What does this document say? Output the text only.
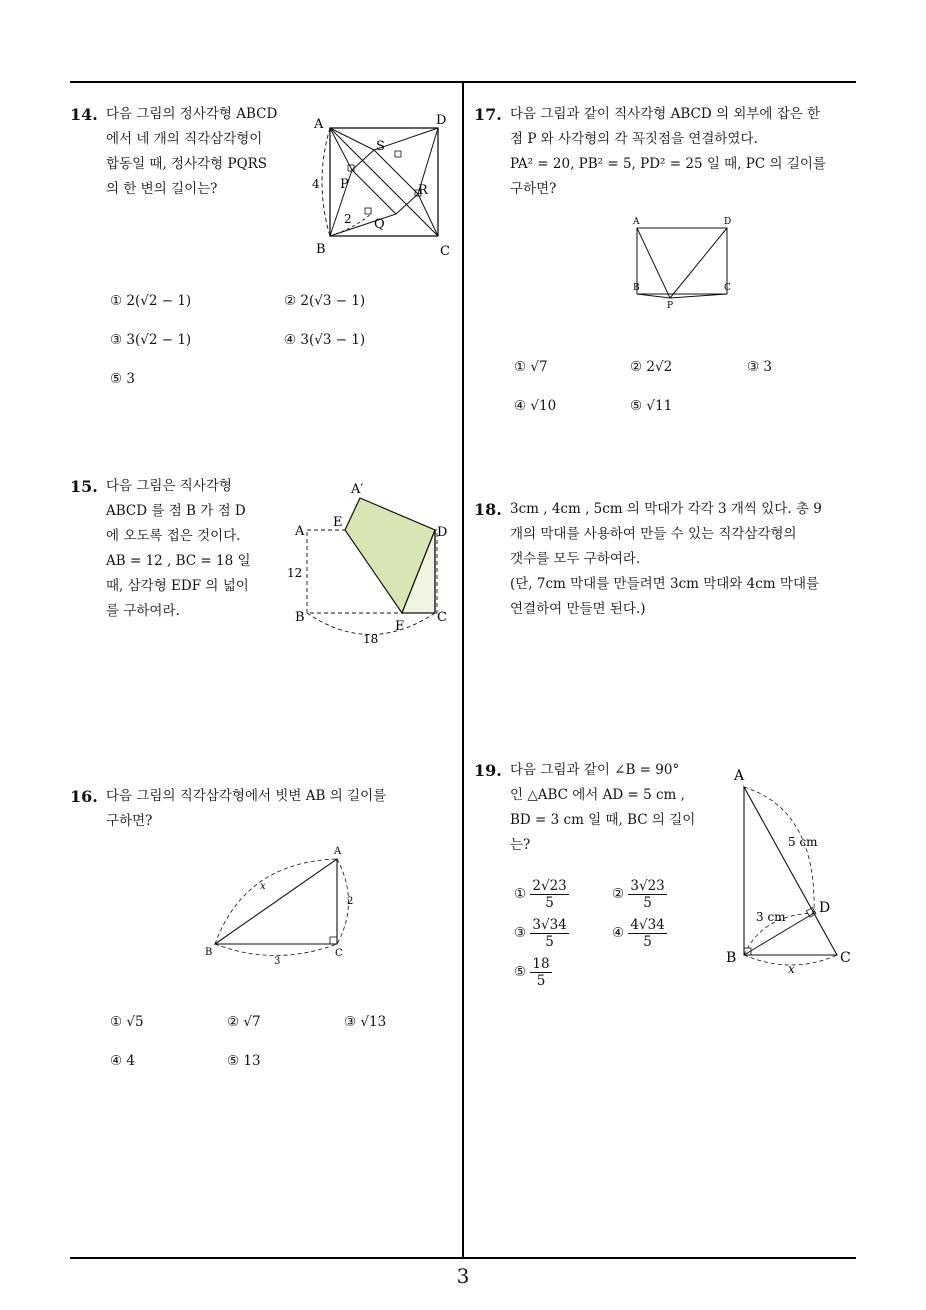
14. 다음 그림의 정사각형 ABCD
에서 네 개의 직각삼각형이
합동일 때, 정사각형 PQRS
의 한 변의 길이는?
A	D
B	C
P
S
R
Q
4
2
① 2(√2 − 1)	② 2(√3 − 1)
③ 3(√2 − 1)	④ 3(√3 − 1)
⑤ 3
15. 다음 그림은 직사각형
ABCD 를 점 B 가 점 D
에 오도록 접은 것이다.
AB = 12 , BC = 18 일
때, 삼각형 EDF 의 넓이
를 구하여라.
A′
A
E
D
B
F
C
12
18
16. 다음 그림의 직각삼각형에서 빗변 AB 의 길이를
구하면?
A
B	C
x
2
3
① √5	② √7	③ √13
④ 4	⑤ 13
17. 다음 그림과 같이 직사각형 ABCD 의 외부에 잡은 한
점 P 와 사각형의 각 꼭짓점을 연결하였다.
PA² = 20, PB² = 5, PD² = 25 일 때, PC 의 길이를
구하면?
A	D
B	C
P
① √7	② 2√2	③ 3
④ √10	⑤ √11
18. 3cm , 4cm , 5cm 의 막대가 각각 3 개씩 있다. 총 9
개의 막대를 사용하여 만들 수 있는 직각삼각형의
갯수를 모두 구하여라.
(단, 7cm 막대를 만들려면 3cm 막대와 4cm 막대를
연결하여 만들면 된다.)
19. 다음 그림과 같이 ∠B = 90°
인 △ABC 에서 AD = 5 cm ,
BD = 3 cm 일 때, BC 의 길이
는?
① $\frac{2√23}{5}$	② $\frac{3√23}{5}$
③ $\frac{3√34}{5}$	④ $\frac{4√34}{5}$
⑤ $\frac{18}{5}$
A
B	C
D
5 cm
3 cm
x
3
